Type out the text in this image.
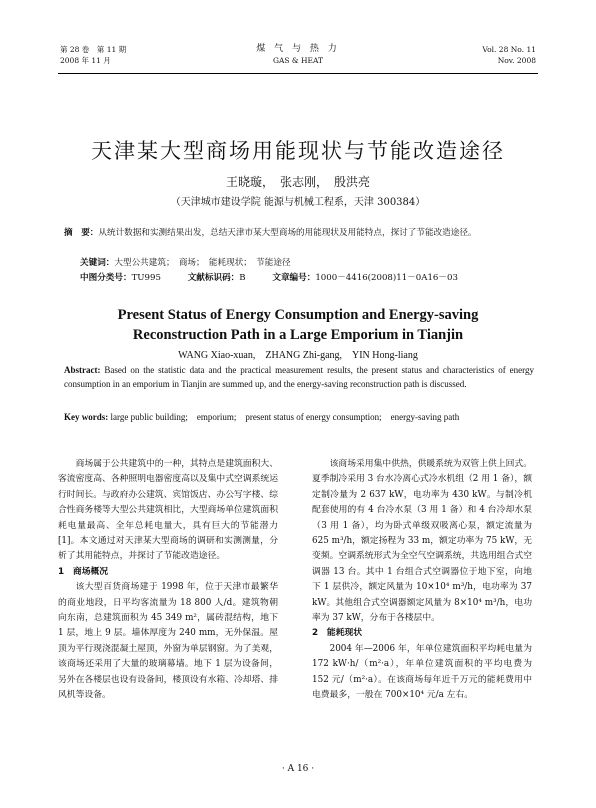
第 28 卷　第 11 期
2008 年 11 月
煤 气 与 热 力
GAS & HEAT
Vol. 28 No. 11
Nov. 2008
天津某大型商场用能现状与节能改造途径
王晓璇，　张志刚，　殷洪亮
（天津城市建设学院 能源与机械工程系，天津 300384）
摘　要：从统计数据和实测结果出发，总结天津市某大型商场的用能现状及用能特点，探讨了节能改造途径。
关键词：大型公共建筑；　商场；　能耗现状；　节能途径
中图分类号：TU995	文献标识码：B	文章编号：1000－4416(2008)11－0A16－03
Present Status of Energy Consumption and Energy-saving
Reconstruction Path in a Large Emporium in Tianjin
WANG Xiao-xuan,　ZHANG Zhi-gang,　YIN Hong-liang
Abstract: Based on the statistic data and the practical measurement results, the present status and characteristics of energy consumption in an emporium in Tianjin are summed up, and the energy-saving reconstruction path is discussed.
Key words: large public building;　emporium;　present status of energy consumption;　energy-saving path

商场属于公共建筑中的一种，其特点是建筑面积大、客流密度高、各种照明电器密度高以及集中式空调系统运行时间长。与政府办公建筑、宾馆饭店、办公写字楼、综合性商务楼等大型公共建筑相比，大型商场单位建筑面积耗电量最高、全年总耗电量大，具有巨大的节能潜力[1]。本文通过对天津某大型商场的调研和实测测量，分析了其用能特点，并探讨了节能改造途径。

1　商场概况

该大型百货商场建于 1998 年，位于天津市最繁华的商业地段，日平均客流量为 18 800 人/d。建筑物朝向东南，总建筑面积为 45 349 m²，属砖混结构，地下 1 层，地上 9 层。墙体厚度为 240 mm，无外保温。屋顶为平行现浇混凝土屋顶，外窗为单层钢窗。为了美观，该商场还采用了大量的玻璃幕墙。地下 1 层为设备间，另外在各楼层也设有设备间，楼顶设有水箱、冷却塔、排风机等设备。

该商场采用集中供热，供暖系统为双管上供上回式。夏季制冷采用 3 台水冷离心式冷水机组（2 用 1 备），额定制冷量为 2 637 kW，电功率为 430 kW。与制冷机配套使用的有 4 台冷水泵（3 用 1 备）和 4 台冷却水泵（3 用 1 备），均为卧式单级双吸离心泵，额定流量为 625 m³/h，额定扬程为 33 m，额定功率为 75 kW，无变频。空调系统形式为全空气空调系统，共选用组合式空调器 13 台。其中 1 台组合式空调器位于地下室，向地下 1 层供冷，额定风量为 10×10⁴ m³/h，电功率为 37 kW。其他组合式空调器额定风量为 8×10⁴ m³/h，电功率为 37 kW，分布于各楼层中。

2　能耗现状

2004 年—2006 年，年单位建筑面积平均耗电量为 172 kW·h/（m²·a），年单位建筑面积的平均电费为 152 元/（m²·a）。在该商场每年近千万元的能耗费用中电费最多，一般在 700×10⁴ 元/a 左右。

· A 16 ·
